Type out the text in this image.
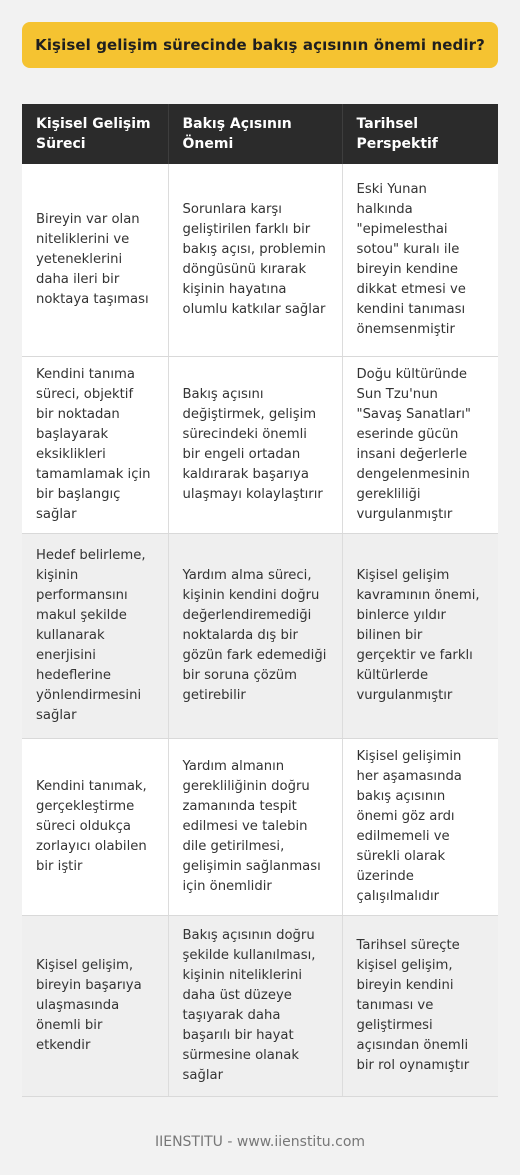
Kişisel gelişim sürecinde bakış açısının önemi nedir?
Kişisel Gelişim Süreci	Bakış Açısının Önemi	Tarihsel Perspektif
Bireyin var olan niteliklerini ve yeteneklerini daha ileri bir noktaya taşıması	Sorunlara karşı geliştirilen farklı bir bakış açısı, problemin döngüsünü kırarak kişinin hayatına olumlu katkılar sağlar	Eski Yunan halkında "epimelesthai sotou" kuralı ile bireyin kendine dikkat etmesi ve kendini tanıması önemsenmiştir
Kendini tanıma süreci, objektif bir noktadan başlayarak eksiklikleri tamamlamak için bir başlangıç sağlar	Bakış açısını değiştirmek, gelişim sürecindeki önemli bir engeli ortadan kaldırarak başarıya ulaşmayı kolaylaştırır	Doğu kültüründe Sun Tzu'nun "Savaş Sanatları" eserinde gücün insani değerlerle dengelenmesinin gerekliliği vurgulanmıştır
Hedef belirleme, kişinin performansını makul şekilde kullanarak enerjisini hedeflerine yönlendirmesini sağlar	Yardım alma süreci, kişinin kendini doğru değerlendiremediği noktalarda dış bir gözün fark edemediği bir soruna çözüm getirebilir	Kişisel gelişim kavramının önemi, binlerce yıldır bilinen bir gerçektir ve farklı kültürlerde vurgulanmıştır
Kendini tanımak, gerçekleştirme süreci oldukça zorlayıcı olabilen bir iştir	Yardım almanın gerekliliğinin doğru zamanında tespit edilmesi ve talebin dile getirilmesi, gelişimin sağlanması için önemlidir	Kişisel gelişimin her aşamasında bakış açısının önemi göz ardı edilmemeli ve sürekli olarak üzerinde çalışılmalıdır
Kişisel gelişim, bireyin başarıya ulaşmasında önemli bir etkendir	Bakış açısının doğru şekilde kullanılması, kişinin niteliklerini daha üst düzeye taşıyarak daha başarılı bir hayat sürmesine olanak sağlar	Tarihsel süreçte kişisel gelişim, bireyin kendini tanıması ve geliştirmesi açısından önemli bir rol oynamıştır
IIENSTITU - www.iienstitu.com
